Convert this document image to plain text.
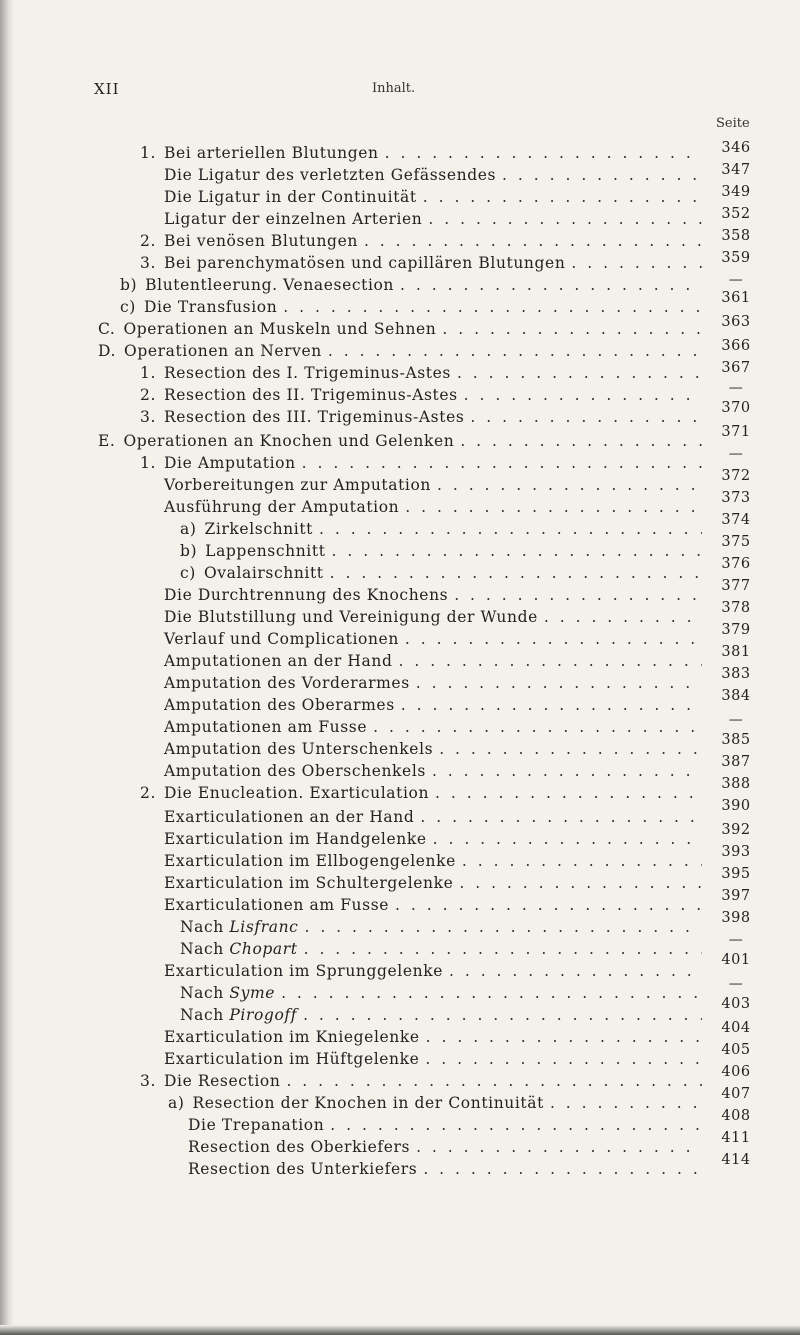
XII	Inhalt.
Seite
1. Bei arteriellen Blutungen
. . .
Die Ligatur des verletzten Gefässendes
. . .
Die Ligatur in der Continuität
. . .
Ligatur der einzelnen Arterien
. . .
2. Bei venösen Blutungen
. . .
3. Bei parenchymatösen und capillären Blutungen
. . .
b) Blutentleerung. Venaesection
. . .
c) Die Transfusion
. . .
C. Operationen an Muskeln und Sehnen
. . .
D. Operationen an Nerven
. . .
1. Resection des I. Trigeminus-Astes
. . .
2. Resection des II. Trigeminus-Astes
. . .
3. Resection des III. Trigeminus-Astes
. . .
E. Operationen an Knochen und Gelenken
. . .
1. Die Amputation
. . .
Vorbereitungen zur Amputation
. . .
Ausführung der Amputation
. . .
a) Zirkelschnitt
. . .
b) Lappenschnitt
. . .
c) Ovalairschnitt
. . .
Die Durchtrennung des Knochens
. . .
Die Blutstillung und Vereinigung der Wunde
. . .
Verlauf und Complicationen
. . .
Amputationen an der Hand
. . .
Amputation des Vorderarmes
. . .
Amputation des Oberarmes
. . .
Amputationen am Fusse
. . .
Amputation des Unterschenkels
. . .
Amputation des Oberschenkels
. . .
2. Die Enucleation. Exarticulation
. . .
Exarticulationen an der Hand
. . .
Exarticulation im Handgelenke
. . .
Exarticulation im Ellbogengelenke
. . .
Exarticulation im Schultergelenke
. . .
Exarticulationen am Fusse
. . .
Nach
Lisfranc
. . .
Nach
Chopart
. . .
Exarticulation im Sprunggelenke
. . .
Nach
Syme
. . .
Nach
Pirogoff
. . .
Exarticulation im Kniegelenke
. . .
Exarticulation im Hüftgelenke
. . .
3. Die Resection
. . .
a) Resection der Knochen in der Continuität
. . .
Die Trepanation
. . .
Resection des Oberkiefers
. . .
Resection des Unterkiefers
. . .
346
347
349
352
358
359
—
361
363
366
367
—
370
371
—
372
373
374
375
376
377
378
379
381
383
384
—
385
387
388
390
392
393
395
397
398
—
401
—
403
404
405
406
407
408
411
414
